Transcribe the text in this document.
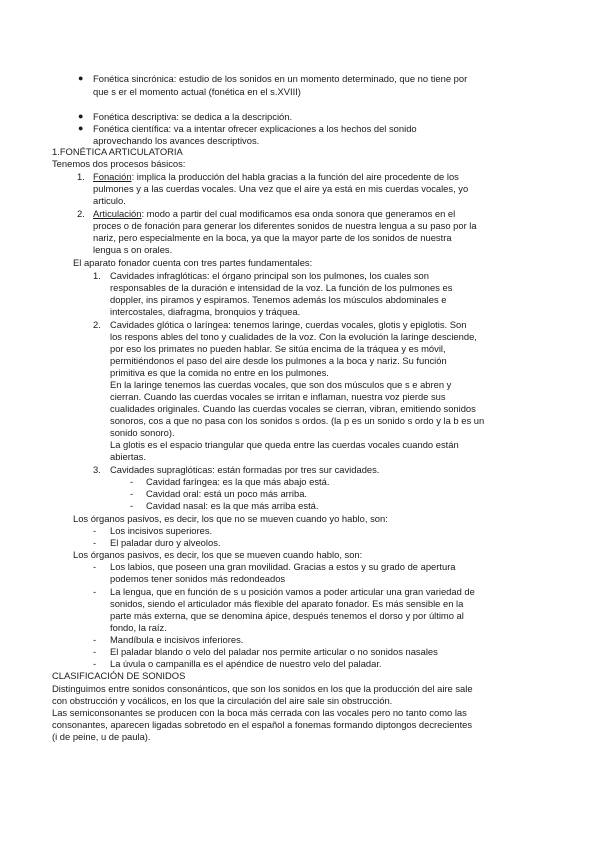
● Fonética sincrónica: estudio de los sonidos en un momento determinado, que no tiene por
que s er el momento actual (fonética en el s.XVIII)
● Fonética descriptiva: se dedica a la descripción.
● Fonética científica: va a intentar ofrecer explicaciones a los hechos del sonido
aprovechando los avances descriptivos.
1.FONÉTICA ARTICULATORIA
Tenemos dos procesos básicos:
1. Fonación: implica la producción del habla gracias a la función del aire procedente de los
pulmones y a las cuerdas vocales. Una vez que el aire ya está en mis cuerdas vocales, yo
articulo.
2. Articulación: modo a partir del cual modificamos esa onda sonora que generamos en el
proces o de fonación para generar los diferentes sonidos de nuestra lengua a su paso por la
nariz, pero especialmente en la boca, ya que la mayor parte de los sonidos de nuestra
lengua s on orales.
El aparato fonador cuenta con tres partes fundamentales:
1. Cavidades infraglóticas: el órgano principal son los pulmones, los cuales son
responsables de la duración e intensidad de la voz. La función de los pulmones es
doppler, ins piramos y espiramos. Tenemos además los músculos abdominales e
intercostales, diafragma, bronquios y tráquea.
2. Cavidades glótica o laríngea: tenemos laringe, cuerdas vocales, glotis y epiglotis. Son
los respons ables del tono y cualidades de la voz. Con la evolución la laringe desciende,
por eso los primates no pueden hablar. Se sitúa encima de la tráquea y es móvil,
permitiéndonos el paso del aire desde los pulmones a la boca y nariz. Su función
primitiva es que la comida no entre en los pulmones.
En la laringe tenemos las cuerdas vocales, que son dos músculos que s e abren y
cierran. Cuando las cuerdas vocales se irritan e inflaman, nuestra voz pierde sus
cualidades originales. Cuando las cuerdas vocales se cierran, vibran, emitiendo sonidos
sonoros, cos a que no pasa con los sonidos s ordos. (la p es un sonido s ordo y la b es un
sonido sonoro).
La glotis es el espacio triangular que queda entre las cuerdas vocales cuando están
abiertas.
3. Cavidades supraglóticas: están formadas por tres sur cavidades.
- Cavidad faríngea: es la que más abajo está.
- Cavidad oral: está un poco más arriba.
- Cavidad nasal: es la que más arriba está.
Los órganos pasivos, es decir, los que no se mueven cuando yo hablo, son:
- Los incisivos superiores.
- El paladar duro y alveolos.
Los órganos pasivos, es decir, los que se mueven cuando hablo, son:
- Los labios, que poseen una gran movilidad. Gracias a estos y su grado de apertura
podemos tener sonidos más redondeados
- La lengua, que en función de s u posición vamos a poder articular una gran variedad de
sonidos, siendo el articulador más flexible del aparato fonador. Es más sensible en la
parte más externa, que se denomina ápice, después tenemos el dorso y por último al
fondo, la raíz.
- Mandíbula e incisivos inferiores.
- El paladar blando o velo del paladar nos permite articular o no sonidos nasales
- La úvula o campanilla es el apéndice de nuestro velo del paladar.
CLASIFICACIÓN DE SONIDOS
Distinguimos entre sonidos consonánticos, que son los sonidos en los que la producción del aire sale
con obstrucción y vocálicos, en los que la circulación del aire sale sin obstrucción.
Las semiconsonantes se producen con la boca más cerrada con las vocales pero no tanto como las
consonantes, aparecen ligadas sobretodo en el español a fonemas formando diptongos decrecientes
(i de peine, u de paula).
